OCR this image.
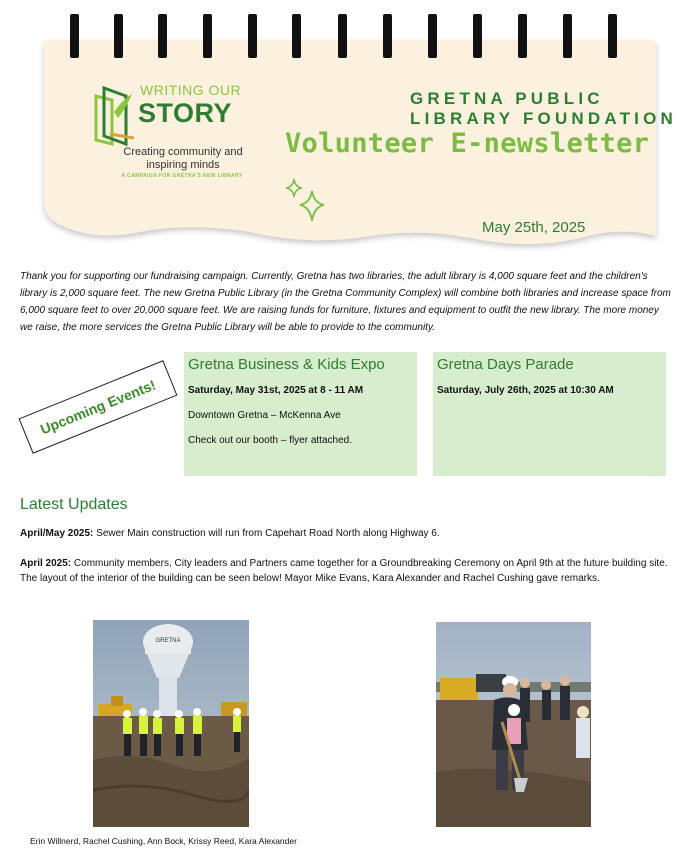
WRITING OUR
STORY
Creating community and inspiring minds
A CAMPAIGN FOR GRETNA'S NEW LIBRARY
GRETNA PUBLIC
LIBRARY FOUNDATION
Volunteer E-newsletter
May 25th, 2025

Thank you for supporting our fundraising campaign. Currently, Gretna has two libraries, the adult library is 4,000 square feet and the children's library is 2,000 square feet. The new Gretna Public Library (in the Gretna Community Complex) will combine both libraries and increase space from 6,000 square feet to over 20,000 square feet. We are raising funds for furniture, fixtures and equipment to outfit the new library. The more money we raise, the more services the Gretna Public Library will be able to provide to the community.

Upcoming Events!
Gretna Business & Kids Expo
Saturday, May 31st, 2025 at 8 - 11 AM
Downtown Gretna – McKenna Ave
Check out our booth – flyer attached.
Gretna Days Parade
Saturday, July 26th, 2025 at 10:30 AM
Latest Updates

April/May 2025: Sewer Main construction will run from Capehart Road North along Highway 6.

April 2025: Community members, City leaders and Partners came together for a Groundbreaking Ceremony on April 9th at the future building site. The layout of the interior of the building can be seen below! Mayor Mike Evans, Kara Alexander and Rachel Cushing gave remarks.

GRETNA
Erin Willnerd, Rachel Cushing, Ann Bock, Krissy Reed, Kara Alexander
